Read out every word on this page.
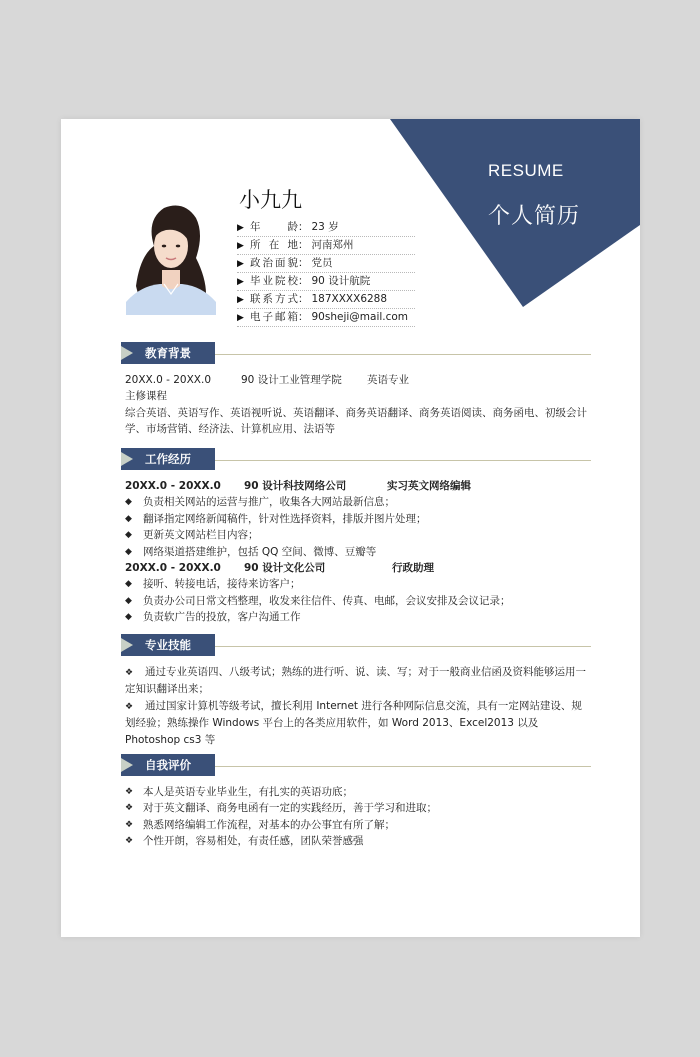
RESUME
个人简历
小九九
▶ 年 龄： 23 岁
▶ 所 在 地： 河南郑州
▶ 政治面貌： 党员
▶ 毕业院校： 90 设计航院
▶ 联系方式： 187XXXX6288
▶ 电子邮箱： 90sheji@mail.com
教育背景
20XX.0 - 20XX.0	90 设计工业管理学院	英语专业
主修课程
综合英语、英语写作、英语视听说、英语翻译、商务英语翻译、商务英语阅读、商务函电、初级会计学、市场营销、经济法、计算机应用、法语等
工作经历
20XX.0 - 20XX.0	90 设计科技网络公司	实习英文网络编辑
◆	负责相关网站的运营与推广，收集各大网站最新信息；
◆	翻译指定网络新闻稿件，针对性选择资料，排版并图片处理；
◆	更新英文网站栏目内容；
◆	网络渠道搭建维护，包括 QQ 空间、微博、豆瓣等
20XX.0 - 20XX.0	90 设计文化公司	行政助理
◆	接听、转接电话，接待来访客户；
◆	负责办公司日常文档整理，收发来往信件、传真、电邮，会议安排及会议记录；
◆	负责软广告的投放，客户沟通工作
专业技能
❖ 通过专业英语四、八级考试；熟练的进行听、说、读、写；对于一般商业信函及资料能够运用一定知识翻译出来；
❖ 通过国家计算机等级考试，擅长利用 Internet 进行各种网际信息交流，具有一定网站建设、规划经验；熟练操作 Windows 平台上的各类应用软件，如 Word 2013、Excel2013 以及 Photoshop cs3 等
自我评价
❖ 本人是英语专业毕业生，有扎实的英语功底；
❖ 对于英文翻译、商务电函有一定的实践经历，善于学习和进取；
❖ 熟悉网络编辑工作流程，对基本的办公事宜有所了解；
❖ 个性开朗，容易相处，有责任感，团队荣誉感强
